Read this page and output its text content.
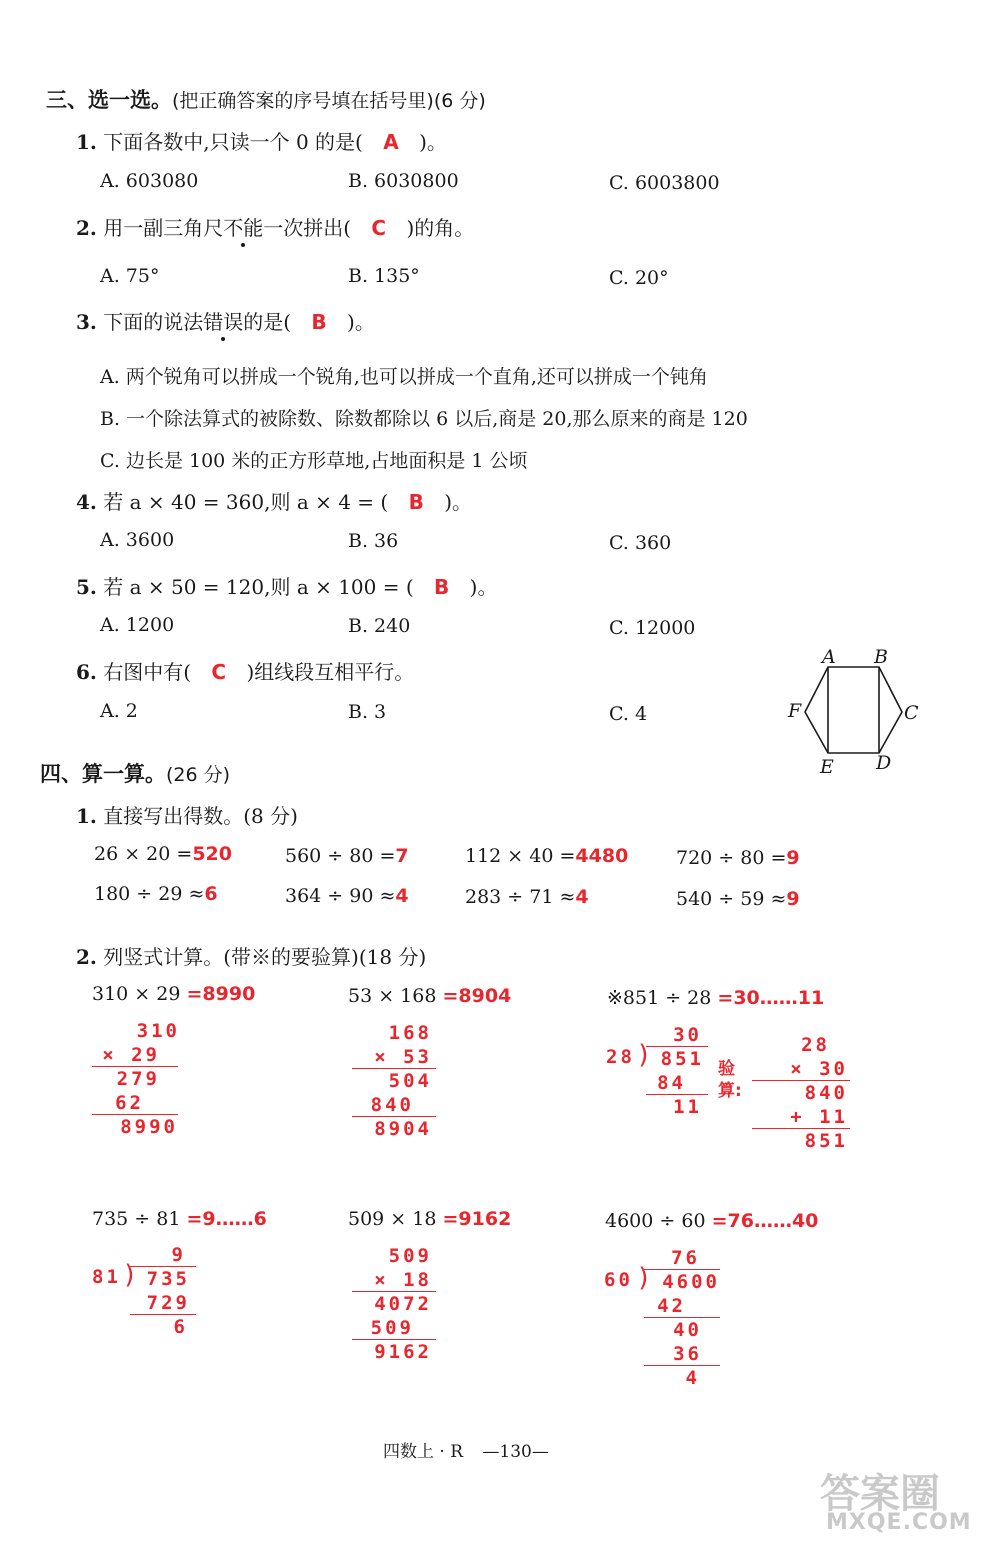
三、选一选。(把正确答案的序号填在括号里)(6 分)
1. 下面各数中,只读一个 0 的是( A )。
A. 603080	B. 6030800	C. 6003800
2. 用一副三角尺不能一次拼出( C )的角。
A. 75°	B. 135°	C. 20°
3. 下面的说法错误的是( B )。
A. 两个锐角可以拼成一个锐角,也可以拼成一个直角,还可以拼成一个钝角
B. 一个除法算式的被除数、除数都除以 6 以后,商是 20,那么原来的商是 120
C. 边长是 100 米的正方形草地,占地面积是 1 公顷
4. 若 a × 40 = 360,则 a × 4 = ( B )。
A. 3600	B. 36	C. 360
5. 若 a × 50 = 120,则 a × 100 = ( B )。
A. 1200	B. 240	C. 12000
6. 右图中有( C )组线段互相平行。
A. 2	B. 3	C. 4
A B
C
D
E
F
四、算一算。(26 分)
1. 直接写出得数。(8 分)
26 × 20 =520	560 ÷ 80 =7	112 × 40 =4480	720 ÷ 80 =9
180 ÷ 29 ≈6	364 ÷ 90 ≈4	283 ÷ 71 ≈4	540 ÷ 59 ≈9
2. 列竖式计算。(带※的要验算)(18 分)
310 × 29 =8990
310
× 29
279
62
8990
53 × 168 =8904
168
× 53
504
840
8904
※851 ÷ 28 =30……11
30
28 ) 851
84
11
验算:
28
× 30
840
+ 11
851
735 ÷ 81 =9……6
9
81 ) 735
729
6
509 × 18 =9162
509
× 18
4072
509
9162
4600 ÷ 60 =76……40
76
60 ) 4600
42
40
36
4
四数上 · R —130—
答案圈
MXQE.COM
